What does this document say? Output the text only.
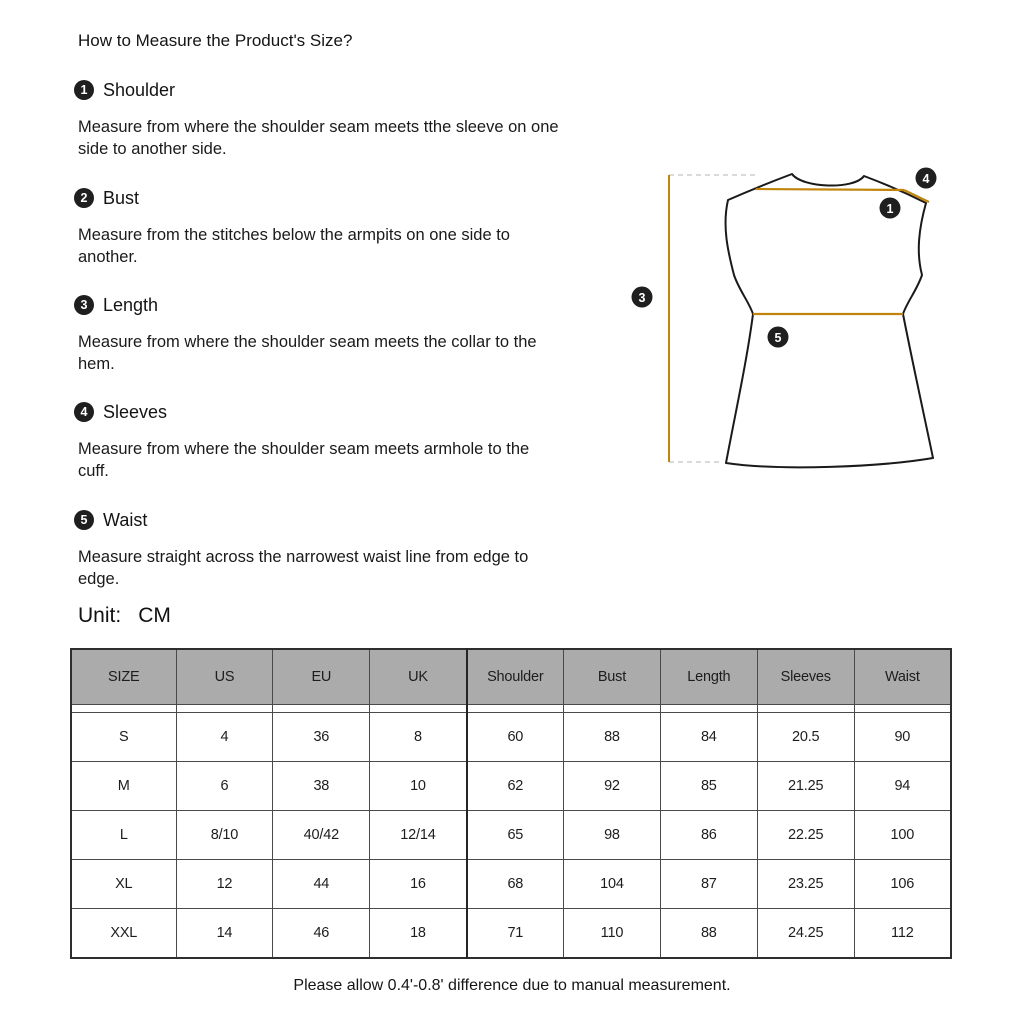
How to Measure the Product's Size?
1 Shoulder
Measure from where the shoulder seam meets tthe sleeve on one
side to another side.
2 Bust
Measure from the stitches below the armpits on one side to
another.
3 Length
Measure from where the shoulder seam meets the collar to the
hem.
4 Sleeves
Measure from where the shoulder seam meets armhole to the
cuff.
5 Waist
Measure straight across the narrowest waist line from edge to
edge.
3
4
1
5
Unit: CM
SIZE	US	EU	UK	Shoulder	Bust	Length	Sleeves	Waist

S	4	36	8	60	88	84	20.5	90
M	6	38	10	62	92	85	21.25	94
L	8/10	40/42	12/14	65	98	86	22.25	100
XL	12	44	16	68	104	87	23.25	106
XXL	14	46	18	71	110	88	24.25	112
Please allow 0.4'-0.8' difference due to manual measurement.
